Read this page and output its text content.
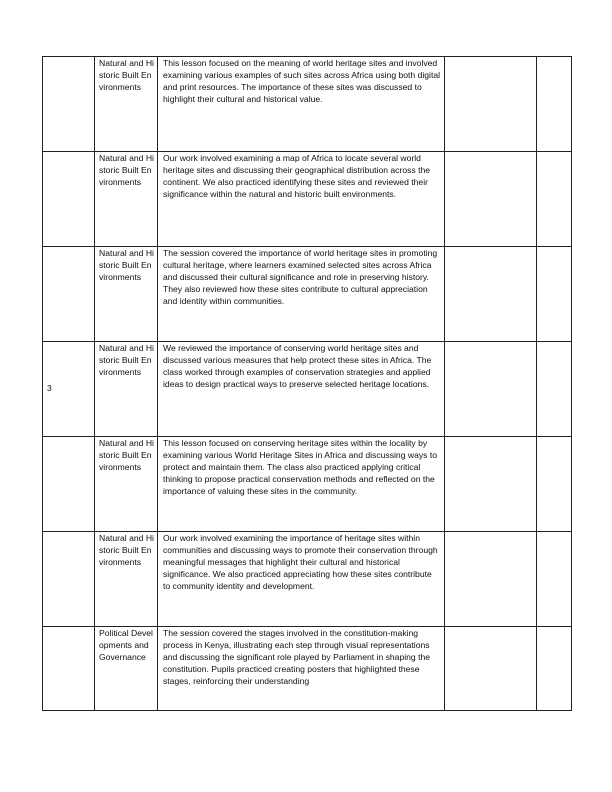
	Natural and Historic Built Environments	This lesson focused on the meaning of world heritage sites and involved examining various examples of such sites across Africa using both digital and print resources. The importance of these sites was discussed to highlight their cultural and historical value.		
	Natural and Historic Built Environments	Our work involved examining a map of Africa to locate several world heritage sites and discussing their geographical distribution across the continent. We also practiced identifying these sites and reviewed their significance within the natural and historic built environments.		
	Natural and Historic Built Environments	The session covered the importance of world heritage sites in promoting cultural heritage, where learners examined selected sites across Africa and discussed their cultural significance and role in preserving history. They also reviewed how these sites contribute to cultural appreciation and identity within communities.		
3	Natural and Historic Built Environments	We reviewed the importance of conserving world heritage sites and discussed various measures that help protect these sites in Africa. The class worked through examples of conservation strategies and applied ideas to design practical ways to preserve selected heritage locations.		
	Natural and Historic Built Environments	This lesson focused on conserving heritage sites within the locality by examining various World Heritage Sites in Africa and discussing ways to protect and maintain them. The class also practiced applying critical thinking to propose practical conservation methods and reflected on the importance of valuing these sites in the community.		
	Natural and Historic Built Environments	Our work involved examining the importance of heritage sites within communities and discussing ways to promote their conservation through meaningful messages that highlight their cultural and historical significance. We also practiced appreciating how these sites contribute to community identity and development.		
	Political Developments and Governance	The session covered the stages involved in the constitution-making process in Kenya, illustrating each step through visual representations and discussing the significant role played by Parliament in shaping the constitution. Pupils practiced creating posters that highlighted these stages, reinforcing their understanding		
